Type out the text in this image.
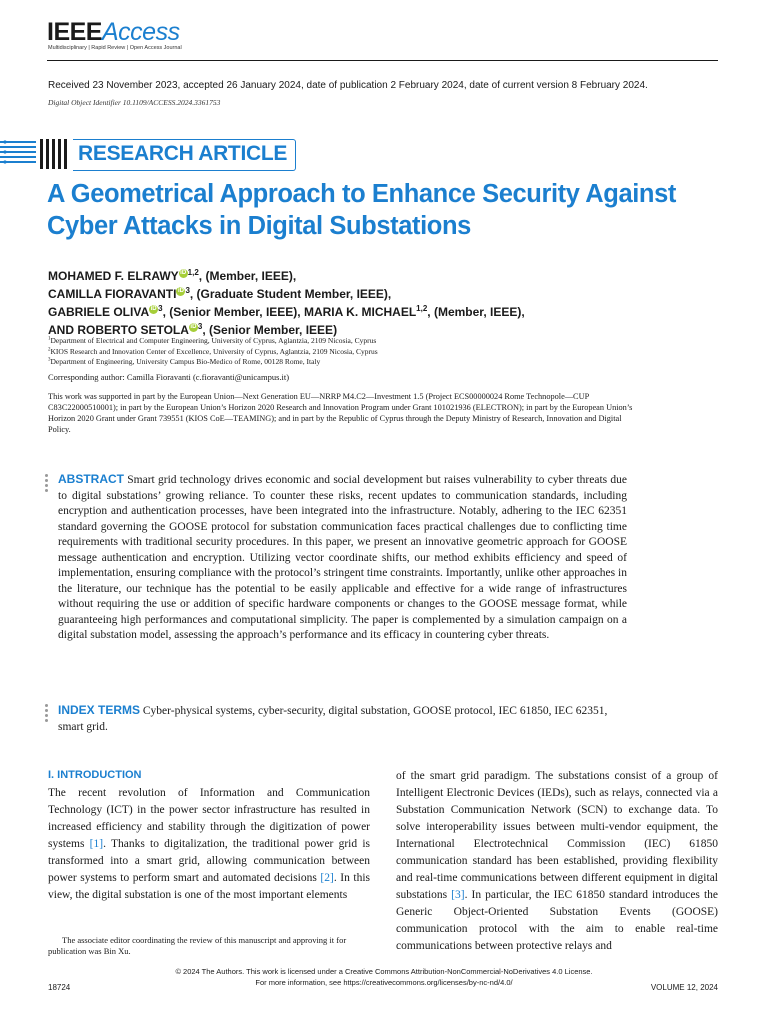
IEEEAccess
Multidisciplinary | Rapid Review | Open Access Journal
Received 23 November 2023, accepted 26 January 2024, date of publication 2 February 2024, date of current version 8 February 2024.
Digital Object Identifier 10.1109/ACCESS.2024.3361753
RESEARCH ARTICLE
A Geometrical Approach to Enhance Security Against Cyber Attacks in Digital Substations
MOHAMED F. ELRAWY iD $^{1,2}$, (Member, IEEE),
CAMILLA FIORAVANTI iD $^3$, (Graduate Student Member, IEEE),
GABRIELE OLIVA iD $^3$, (Senior Member, IEEE), MARIA K. MICHAEL$^{1,2}$, (Member, IEEE),
AND ROBERTO SETOLA iD $^3$, (Senior Member, IEEE)
$^1$Department of Electrical and Computer Engineering, University of Cyprus, Aglantzia, 2109 Nicosia, Cyprus
$^2$KIOS Research and Innovation Center of Excellence, University of Cyprus, Aglantzia, 2109 Nicosia, Cyprus
$^3$Department of Engineering, University Campus Bio-Medico of Rome, 00128 Rome, Italy
Corresponding author: Camilla Fioravanti (c.fioravanti@unicampus.it)
This work was supported in part by the European Union—Next Generation EU—NRRP M4.C2—Investment 1.5 (Project ECS00000024 Rome Technopole—CUP C83C22000510001); in part by the European Union’s Horizon 2020 Research and Innovation Program under Grant 101021936 (ELECTRON); in part by the European Union’s Horizon 2020 Grant under Grant 739551 (KIOS CoE—TEAMING); and in part by the Republic of Cyprus through the Deputy Ministry of Research, Innovation and Digital Policy.
ABSTRACT Smart grid technology drives economic and social development but raises vulnerability to cyber threats due to digital substations’ growing reliance. To counter these risks, recent updates to communication standards, including encryption and authentication processes, have been integrated into the infrastructure. Notably, adhering to the IEC 62351 standard governing the GOOSE protocol for substation communication faces practical challenges due to conflicting time requirements with traditional security procedures. In this paper, we present an innovative geometric approach for GOOSE message authentication and encryption. Utilizing vector coordinate shifts, our method exhibits efficiency and speed of implementation, ensuring compliance with the protocol’s stringent time constraints. Importantly, unlike other approaches in the literature, our technique has the potential to be easily applicable and effective for a wide range of infrastructures without requiring the use or addition of specific hardware components or changes to the GOOSE message format, while guaranteeing high performances and computational simplicity. The paper is complemented by a simulation campaign on a digital substation model, assessing the approach’s performance and its efficacy in countering cyber threats.
INDEX TERMS Cyber-physical systems, cyber-security, digital substation, GOOSE protocol, IEC 61850, IEC 62351, smart grid.
I. INTRODUCTION
The recent revolution of Information and Communication Technology (ICT) in the power sector infrastructure has resulted in increased efficiency and stability through the digitization of power systems [1]. Thanks to digitalization, the traditional power grid is transformed into a smart grid, allowing communication between power systems to perform smart and automated decisions [2]. In this view, the digital substation is one of the most important elements
of the smart grid paradigm. The substations consist of a group of Intelligent Electronic Devices (IEDs), such as relays, connected via a Substation Communication Network (SCN) to exchange data. To solve interoperability issues between multi-vendor equipment, the International Electrotechnical Commission (IEC) 61850 communication standard has been established, providing flexibility and real-time communications between different equipment in digital substations [3]. In particular, the IEC 61850 standard introduces the Generic Object-Oriented Substation Events (GOOSE) communication protocol with the aim to enable real-time communications between protective relays and
The associate editor coordinating the review of this manuscript and approving it for publication was Bin Xu.
© 2024 The Authors. This work is licensed under a Creative Commons Attribution-NonCommercial-NoDerivatives 4.0 License.
For more information, see https://creativecommons.org/licenses/by-nc-nd/4.0/
18724	VOLUME 12, 2024
